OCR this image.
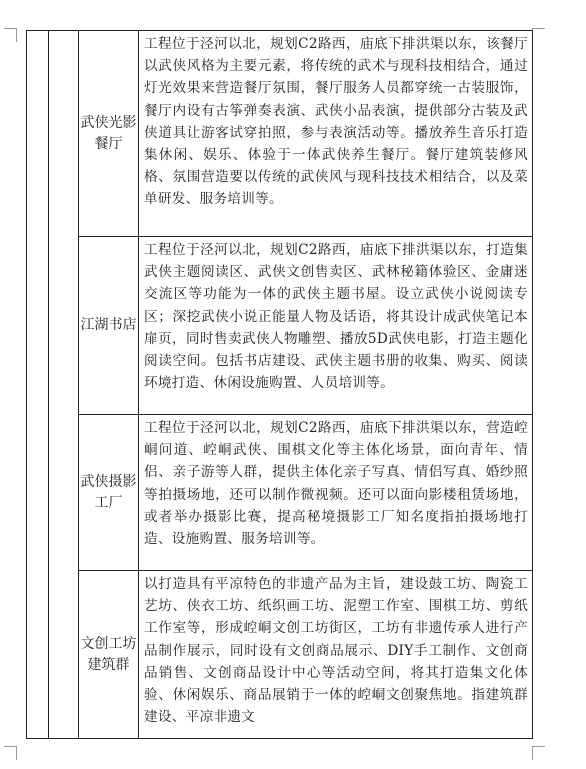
		武侠光影餐厅	工程位于泾河以北，规划C2路西，庙底下排洪渠以东，该餐厅以武侠风格为主要元素，将传统的武术与现科技相结合，通过灯光效果来营造餐厅氛围，餐厅服务人员都穿统一古装服饰，餐厅内设有古筝弹奏表演、武侠小品表演，提供部分古装及武侠道具让游客试穿拍照，参与表演活动等。播放养生音乐打造集休闲、娱乐、体验于一体武侠养生餐厅。餐厅建筑装修风格、氛围营造要以传统的武侠风与现科技技术相结合，以及菜单研发、服务培训等。

		江湖书店	工程位于泾河以北，规划C2路西，庙底下排洪渠以东，打造集武侠主题阅读区、武侠文创售卖区、武林秘籍体验区、金庸迷交流区等功能为一体的武侠主题书屋。设立武侠小说阅读专区；深挖武侠小说正能量人物及话语，将其设计成武侠笔记本扉页，同时售卖武侠人物雕塑、播放5D武侠电影，打造主题化阅读空间。包括书店建设、武侠主题书册的收集、购买、阅读环境打造、休闲设施购置、人员培训等。

		武侠摄影工厂	工程位于泾河以北，规划C2路西，庙底下排洪渠以东，营造崆峒问道、崆峒武侠、围棋文化等主体化场景，面向青年、情侣、亲子游等人群，提供主体化亲子写真、情侣写真、婚纱照等拍摄场地，还可以制作微视频。还可以面向影楼租赁场地，或者举办摄影比赛，提高秘境摄影工厂知名度指拍摄场地打造、设施购置、服务培训等。

		文创工坊建筑群	以打造具有平凉特色的非遗产品为主旨，建设鼓工坊、陶瓷工艺坊、侠衣工坊、纸织画工坊、泥塑工作室、围棋工坊、剪纸工作室等，形成崆峒文创工坊街区，工坊有非遗传承人进行产品制作展示，同时设有文创商品展示、DIY手工制作、文创商品销售、文创商品设计中心等活动空间，将其打造集文化体验、休闲娱乐、商品展销于一体的崆峒文创聚焦地。指建筑群建设、平凉非遗文
